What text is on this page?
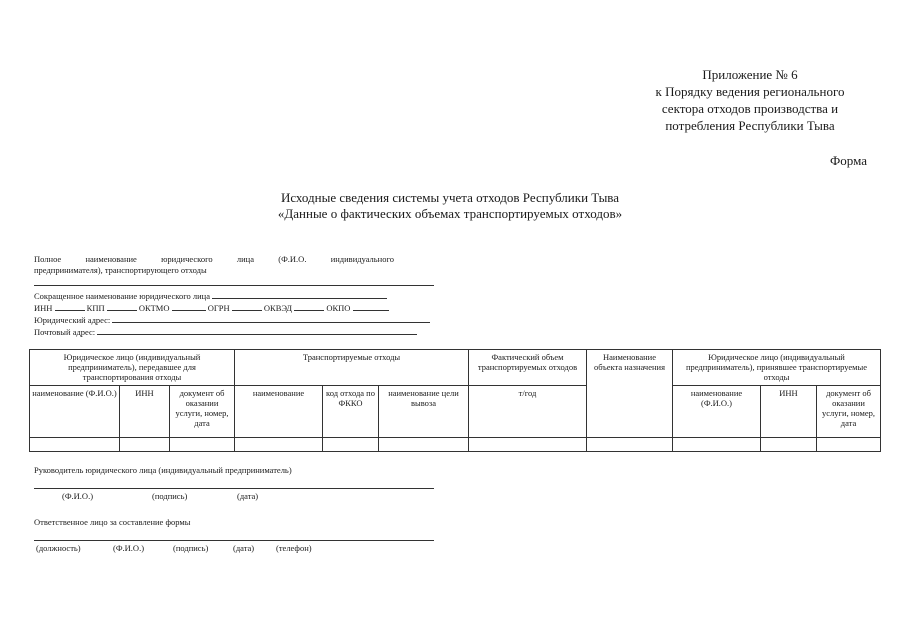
Приложение № 6
к Порядку ведения регионального
сектора отходов производства и
потребления Республики Тыва
Форма
Исходные сведения системы учета отходов Республики Тыва
«Данные о фактических объемах транспортируемых отходов»
Полное наименование юридического лица (Ф.И.О. индивидуального
предпринимателя), транспортирующего отходы
Сокращенное наименование юридического лица
ИНН	КПП	ОКТМО	ОГРН	ОКВЭД	ОКПО
Юридический адрес:
Почтовый адрес:
Юридическое лицо (индивидуальный предприниматель), передавшее для транспортирования отходы			Транспортируемые отходы			Фактический объем транспортируемых отходов	Наименование объекта назначения	Юридическое лицо (индивидуальный предприниматель), принявшее транспортируемые отходы		
наименование (Ф.И.О.)	ИНН	документ об оказании услуги, номер, дата	наименование	код отхода по ФККО	наименование цели вывоза	т/год		наименование (Ф.И.О.)	ИНН	документ об оказании услуги, номер, дата

Руководитель юридического лица (индивидуальный предприниматель)
(Ф.И.О.)	(подпись)	(дата)
Ответственное лицо за составление формы
(должность)	(Ф.И.О.)	(подпись)	(дата)	(телефон)
